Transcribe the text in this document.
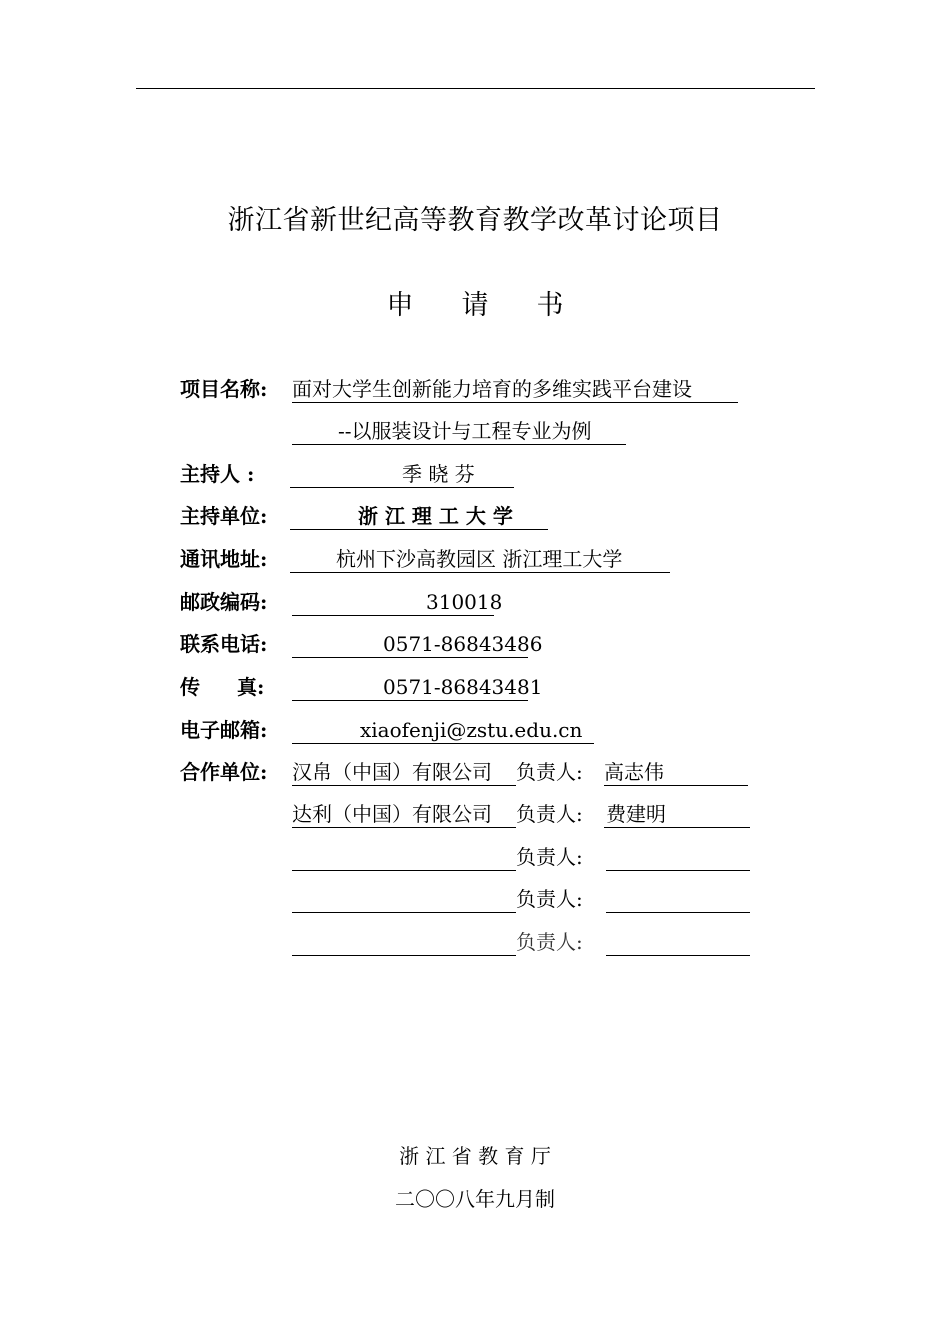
浙江省新世纪高等教育教学改革讨论项目
申 请 书
项目名称: 面对大学生创新能力培育的多维实践平台建设
--以服装设计与工程专业为例
主持人 :	季 晓 芬
主持单位:	浙 江 理 工 大 学
通讯地址:	杭州下沙高教园区 浙江理工大学
邮政编码:	310018
联系电话:	0571-86843486
传 真:	0571-86843481
电子邮箱:	xiaofenji@zstu.edu.cn
合作单位: 汉帛（中国）有限公司 负责人: 高志伟
达利（中国）有限公司 负责人: 费建明
负责人:
负责人:
负责人:
浙 江 省 教 育 厅
二〇〇八年九月制
